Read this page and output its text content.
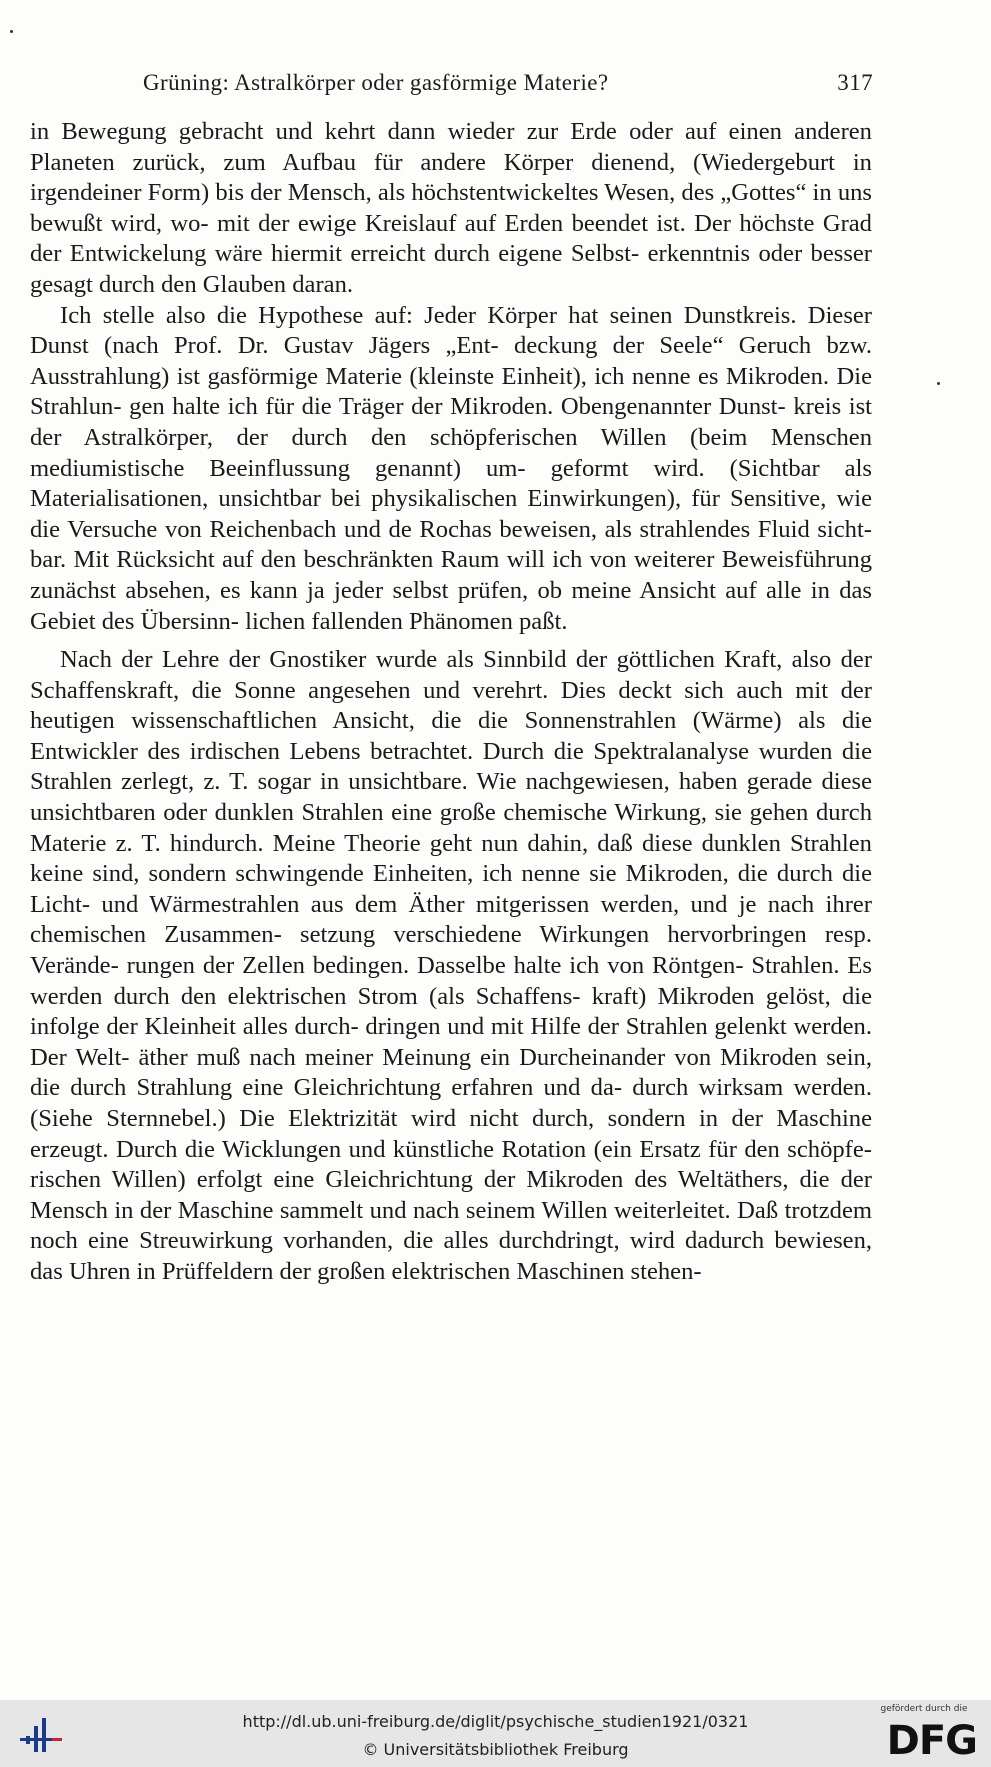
Grüning: Astralkörper oder gasförmige Materie?	317

in Bewegung gebracht und kehrt dann wieder zur Erde oder auf einen anderen Planeten zurück, zum Aufbau für andere Körper dienend, (Wiedergeburt in irgendeiner Form) bis der Mensch, als höchstentwickeltes Wesen, des „Gottes“ in uns bewußt wird, wo- mit der ewige Kreislauf auf Erden beendet ist. Der höchste Grad der Entwickelung wäre hiermit erreicht durch eigene Selbst- erkenntnis oder besser gesagt durch den Glauben daran.

Ich stelle also die Hypothese auf: Jeder Körper hat seinen Dunstkreis. Dieser Dunst (nach Prof. Dr. Gustav Jägers „Ent- deckung der Seele“ Geruch bzw. Ausstrahlung) ist gasförmige Materie (kleinste Einheit), ich nenne es Mikroden. Die Strahlun- gen halte ich für die Träger der Mikroden. Obengenannter Dunst- kreis ist der Astralkörper, der durch den schöpferischen Willen (beim Menschen mediumistische Beeinflussung genannt) um- geformt wird. (Sichtbar als Materialisationen, unsichtbar bei physikalischen Einwirkungen), für Sensitive, wie die Versuche von Reichenbach und de Rochas beweisen, als strahlendes Fluid sicht- bar. Mit Rücksicht auf den beschränkten Raum will ich von weiterer Beweisführung zunächst absehen, es kann ja jeder selbst prüfen, ob meine Ansicht auf alle in das Gebiet des Übersinn- lichen fallenden Phänomen paßt.

Nach der Lehre der Gnostiker wurde als Sinnbild der göttlichen Kraft, also der Schaffenskraft, die Sonne angesehen und verehrt. Dies deckt sich auch mit der heutigen wissenschaftlichen Ansicht, die die Sonnenstrahlen (Wärme) als die Entwickler des irdischen Lebens betrachtet. Durch die Spektralanalyse wurden die Strahlen zerlegt, z. T. sogar in unsichtbare. Wie nachgewiesen, haben gerade diese unsichtbaren oder dunklen Strahlen eine große chemische Wirkung, sie gehen durch Materie z. T. hindurch. Meine Theorie geht nun dahin, daß diese dunklen Strahlen keine sind, sondern schwingende Einheiten, ich nenne sie Mikroden, die durch die Licht- und Wärmestrahlen aus dem Äther mitgerissen werden, und je nach ihrer chemischen Zusammen- setzung verschiedene Wirkungen hervorbringen resp. Verände- rungen der Zellen bedingen. Dasselbe halte ich von Röntgen- Strahlen. Es werden durch den elektrischen Strom (als Schaffens- kraft) Mikroden gelöst, die infolge der Kleinheit alles durch- dringen und mit Hilfe der Strahlen gelenkt werden. Der Welt- äther muß nach meiner Meinung ein Durcheinander von Mikroden sein, die durch Strahlung eine Gleichrichtung erfahren und da- durch wirksam werden. (Siehe Sternnebel.) Die Elektrizität wird nicht durch, sondern in der Maschine erzeugt. Durch die Wicklungen und künstliche Rotation (ein Ersatz für den schöpfe- rischen Willen) erfolgt eine Gleichrichtung der Mikroden des Weltäthers, die der Mensch in der Maschine sammelt und nach seinem Willen weiterleitet. Daß trotzdem noch eine Streuwirkung vorhanden, die alles durchdringt, wird dadurch bewiesen, das Uhren in Prüffeldern der großen elektrischen Maschinen stehen-

http://dl.ub.uni-freiburg.de/diglit/psychische_studien1921/0321
© Universitätsbibliothek Freiburg
gefördert durch die
DFG
